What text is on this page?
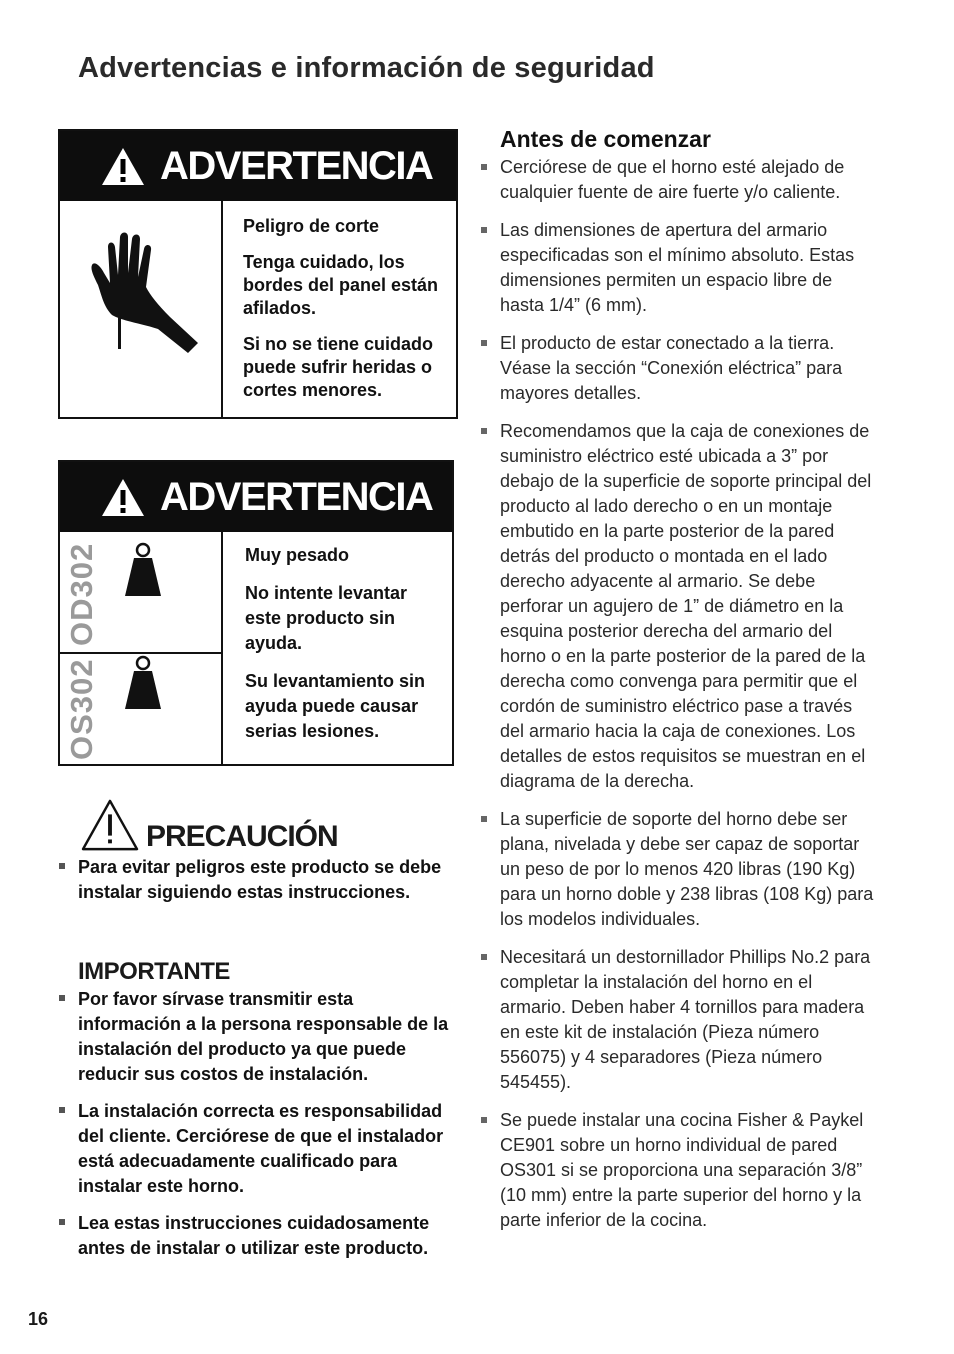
Advertencias e información de seguridad
ADVERTENCIA

Peligro de corte

Tenga cuidado, los bordes del panel están afilados.

Si no se tiene cuidado puede sufrir heridas o cortes menores.

ADVERTENCIA
OD302
OS302

Muy pesado

No intente levantar este producto sin ayuda.

Su levantamiento sin ayuda puede causar serias lesiones.

PRECAUCIÓN
Para evitar peligros este producto se debe instalar siguiendo estas instrucciones.
IMPORTANTE
Por favor sírvase transmitir esta información a la persona responsable de la instalación del producto ya que puede reducir sus costos de instalación.
La instalación correcta es responsabilidad del cliente. Cerciórese de que el instalador está adecuadamente cualificado para instalar este horno.
Lea estas instrucciones cuidadosamente antes de instalar o utilizar este producto.
Antes de comenzar
Cerciórese de que el horno esté alejado de cualquier fuente de aire fuerte y/o caliente.
Las dimensiones de apertura del armario especificadas son el mínimo absoluto. Estas dimensiones permiten un espacio libre de hasta 1/4” (6 mm).
El producto de estar conectado a la tierra. Véase la sección “Conexión eléctrica” para mayores detalles.
Recomendamos que la caja de conexiones de suministro eléctrico esté ubicada a 3” por debajo de la superficie de soporte principal del producto al lado derecho o en un montaje embutido en la parte posterior de la pared detrás del producto o montada en el lado derecho adyacente al armario. Se debe perforar un agujero de 1” de diámetro en la esquina posterior derecha del armario del horno o en la parte posterior de la pared de la derecha como convenga para permitir que el cordón de suministro eléctrico pase a través del armario hacia la caja de conexiones. Los detalles de estos requisitos se muestran en el diagrama de la derecha.
La superficie de soporte del horno debe ser plana, nivelada y debe ser capaz de soportar un peso de por lo menos 420 libras (190 Kg) para un horno doble y 238 libras (108 Kg) para los modelos individuales.
Necesitará un destornillador Phillips No.2 para completar la instalación del horno en el armario. Deben haber 4 tornillos para madera en este kit de instalación (Pieza número 556075) y 4 separadores (Pieza número 545455).
Se puede instalar una cocina Fisher & Paykel CE901 sobre un horno individual de pared OS301 si se proporciona una separación 3/8” (10 mm) entre la parte superior del horno y la parte inferior de la cocina.
16
